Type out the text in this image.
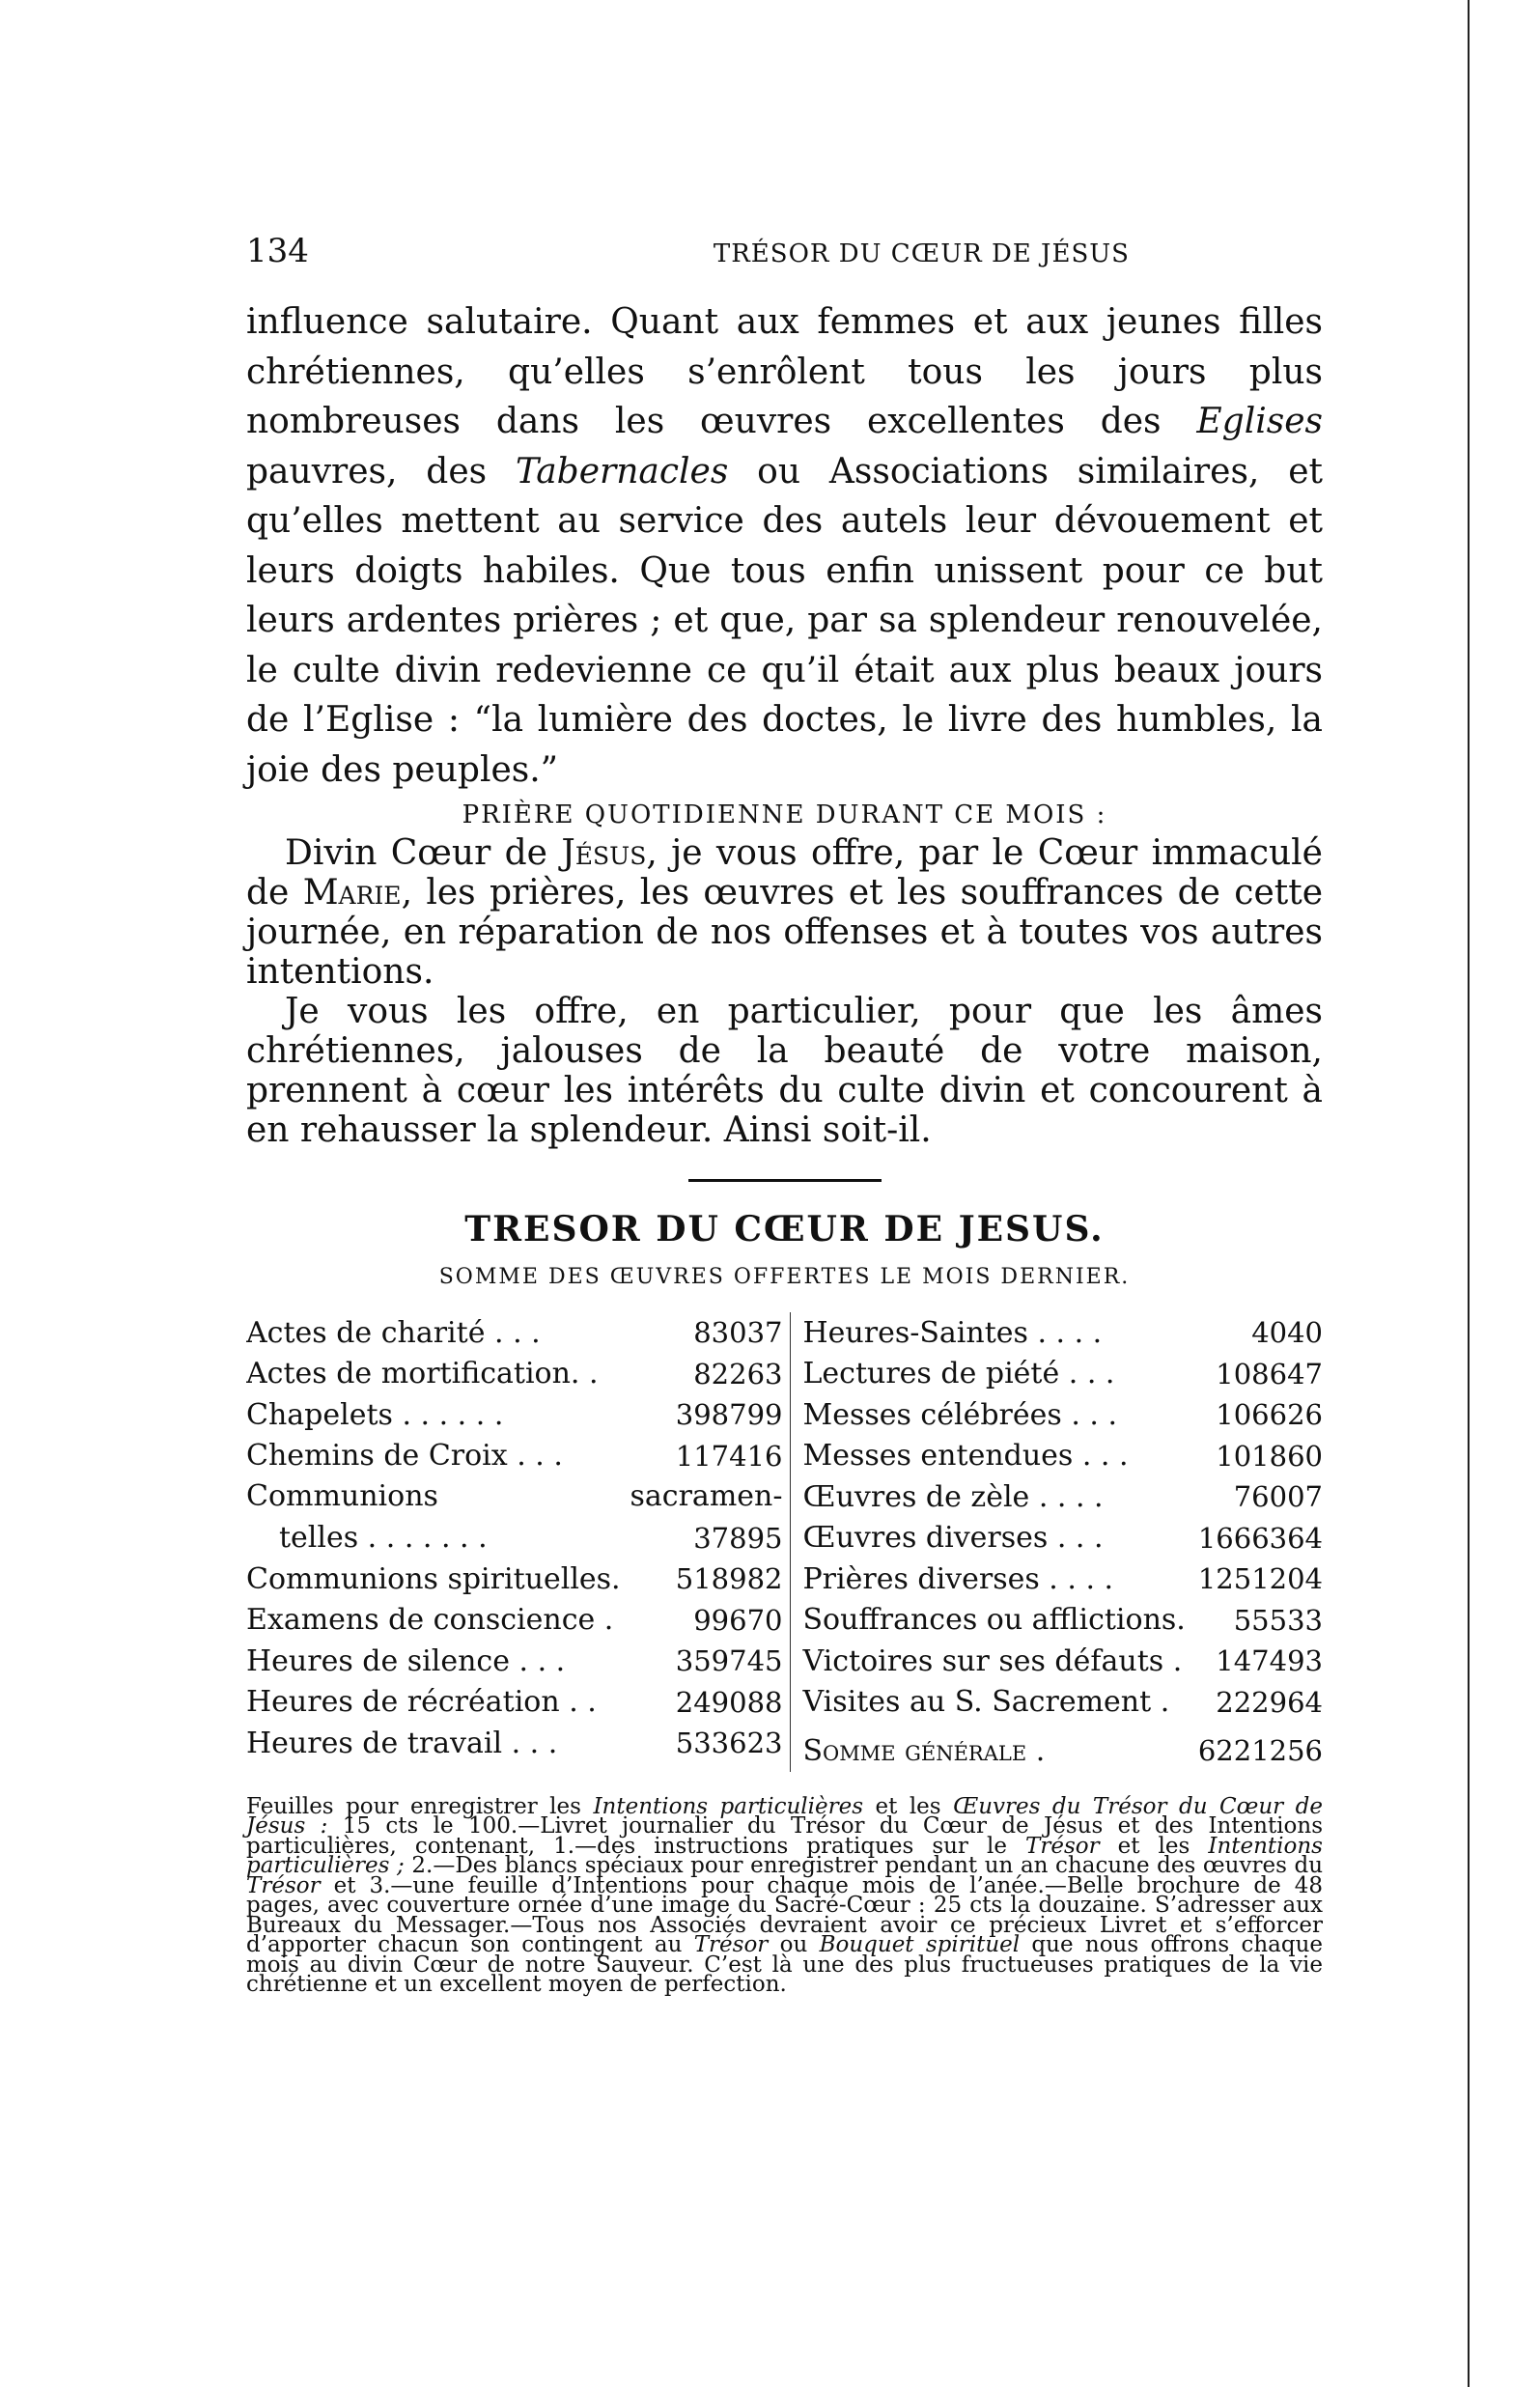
134	TRÉSOR DU CŒUR DE JÉSUS

influence salutaire. Quant aux femmes et aux jeunes filles chrétiennes, qu’elles s’enrôlent tous les jours plus nombreuses dans les œuvres excellentes des Eglises pauvres, des Tabernacles ou Associations similaires, et qu’elles mettent au service des autels leur dévouement et leurs doigts habiles. Que tous enfin unissent pour ce but leurs ardentes prières ; et que, par sa splendeur renouvelée, le culte divin redevienne ce qu’il était aux plus beaux jours de l’Eglise : “la lumière des doctes, le livre des humbles, la joie des peuples.”

PRIÈRE QUOTIDIENNE DURANT CE MOIS :

Divin Cœur de Jésus, je vous offre, par le Cœur immaculé de Marie, les prières, les œuvres et les souffrances de cette journée, en réparation de nos offenses et à toutes vos autres intentions.

Je vous les offre, en particulier, pour que les âmes chrétiennes, jalouses de la beauté de votre maison, prennent à cœur les intérêts du culte divin et concourent à en rehausser la splendeur. Ainsi soit-il.

TRESOR DU CŒUR DE JESUS.
SOMME DES ŒUVRES OFFERTES LE MOIS DERNIER.
Actes de charité . . .	83037
Actes de mortification. .	82263
Chapelets . . . . . .	398799
Chemins de Croix . . .	117416
Communions sacramen-
telles . . . . . . .	37895
Communions spirituelles. 518982
Examens de conscience .	99670
Heures de silence . . .	359745
Heures de récréation . .	249088
Heures de travail . . .	533623
Heures-Saintes . . . .	4040
Lectures de piété . . .	108647
Messes célébrées . . .	106626
Messes entendues . . .	101860
Œuvres de zèle . . . .	76007
Œuvres diverses . . .	1666364
Prières diverses . . . .	1251204
Souffrances ou afflictions. 55533
Victoires sur ses défauts . 147493
Visites au S. Sacrement . 222964
Somme générale .	6221256
Feuilles pour enregistrer les Intentions particulières et les Œuvres du Trésor du Cœur de Jésus : 15 cts le 100.—Livret journalier du Trésor du Cœur de Jésus et des Intentions particulières, contenant, 1.—des instructions pratiques sur le Trésor et les Intentions particulières ; 2.—Des blancs spéciaux pour enregistrer pendant un an chacune des œuvres du Trésor et 3.—une feuille d’Intentions pour chaque mois de l’anée.—Belle brochure de 48 pages, avec couverture ornée d’une image du Sacré-Cœur : 25 cts la douzaine. S’adresser aux Bureaux du Messager.—Tous nos Associés devraient avoir ce précieux Livret et s’efforcer d’apporter chacun son contingent au Trésor ou Bouquet spirituel que nous offrons chaque mois au divin Cœur de notre Sauveur. C’est là une des plus fructueuses pratiques de la vie chrétienne et un excellent moyen de perfection.
